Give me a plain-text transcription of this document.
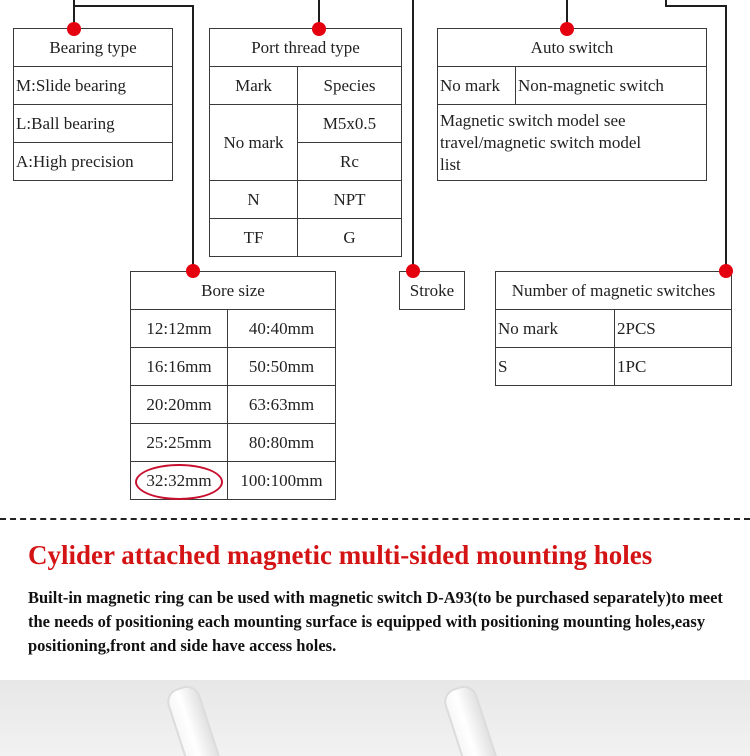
Bearing type
M:Slide bearing
L:Ball bearing
A:High precision
Port thread type	
Mark	Species
No mark	M5x0.5
	Rc
N	NPT
TF	G
Auto switch
No mark	Non-magnetic switch
Magnetic switch model see travel/magnetic switch model list
Bore size	
12:12mm	40:40mm
16:16mm	50:50mm
20:20mm	63:63mm
25:25mm	80:80mm
32:32mm	100:100mm
Stroke	Number of magnetic switches	
No mark	2PCS
S	1PC
Cylider attached magnetic multi-sided mounting holes
Built-in magnetic ring can be used with magnetic switch D-A93(to be purchased separately)to meet the needs of positioning each mounting surface is equipped with positioning mounting holes,easy positioning,front and side have access holes.
